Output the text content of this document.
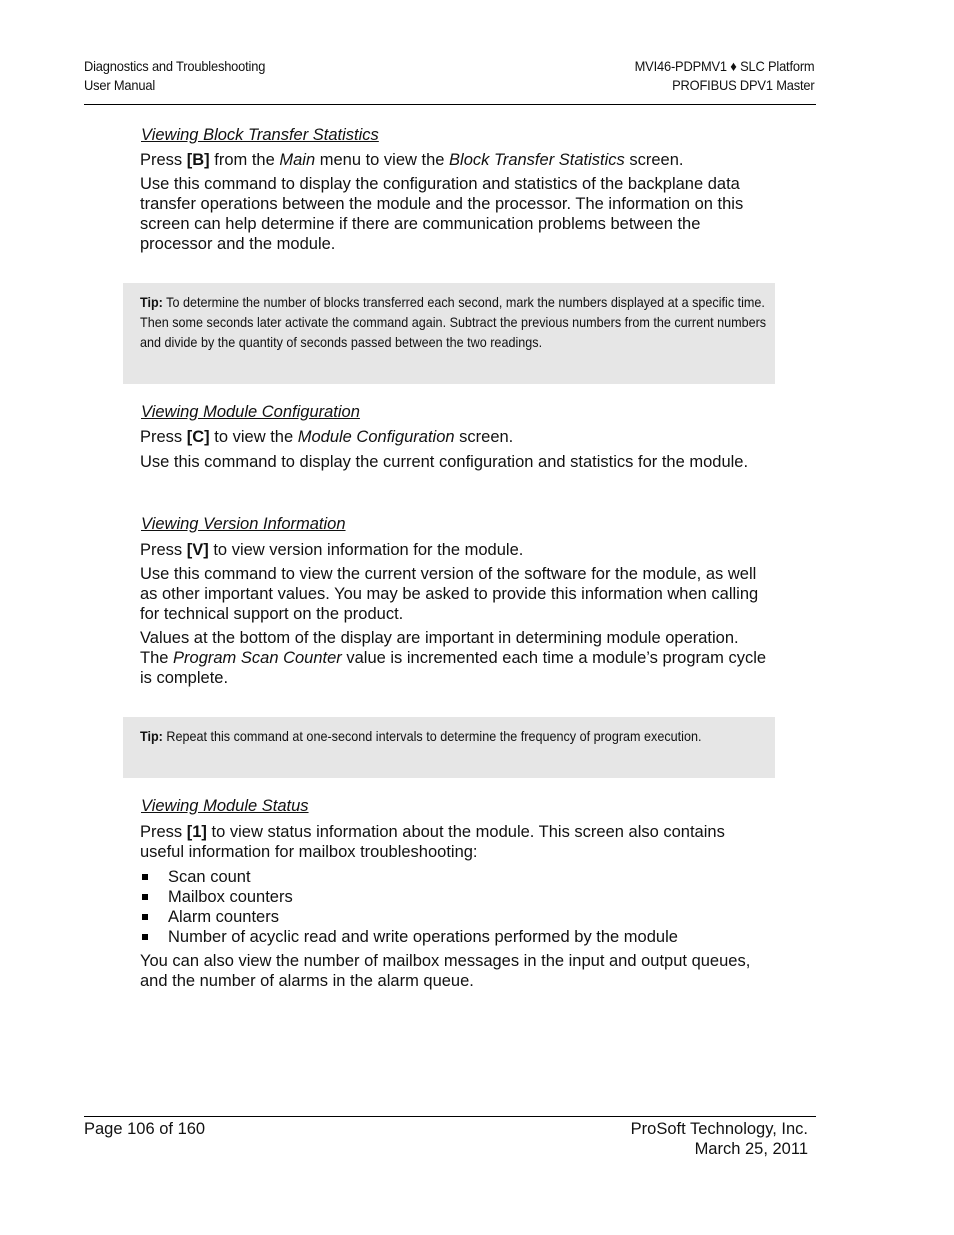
Diagnostics and Troubleshooting
User Manual
MVI46-PDPMV1 ♦ SLC Platform
PROFIBUS DPV1 Master
Viewing Block Transfer Statistics

Press [B] from the Main menu to view the Block Transfer Statistics screen.

Use this command to display the configuration and statistics of the backplane data transfer operations between the module and the processor. The information on this screen can help determine if there are communication problems between the processor and the module.

Tip: To determine the number of blocks transferred each second, mark the numbers displayed at a specific time. Then some seconds later activate the command again. Subtract the previous numbers from the current numbers and divide by the quantity of seconds passed between the two readings.
Viewing Module Configuration

Press [C] to view the Module Configuration screen.

Use this command to display the current configuration and statistics for the module.

Viewing Version Information

Press [V] to view version information for the module.

Use this command to view the current version of the software for the module, as well as other important values. You may be asked to provide this information when calling for technical support on the product.

Values at the bottom of the display are important in determining module operation. The Program Scan Counter value is incremented each time a module’s program cycle is complete.

Tip: Repeat this command at one-second intervals to determine the frequency of program execution.
Viewing Module Status

Press [1] to view status information about the module. This screen also contains useful information for mailbox troubleshooting:

Scan count
Mailbox counters
Alarm counters
Number of acyclic read and write operations performed by the module

You can also view the number of mailbox messages in the input and output queues, and the number of alarms in the alarm queue.

Page 106 of 160	ProSoft Technology, Inc.
March 25, 2011
